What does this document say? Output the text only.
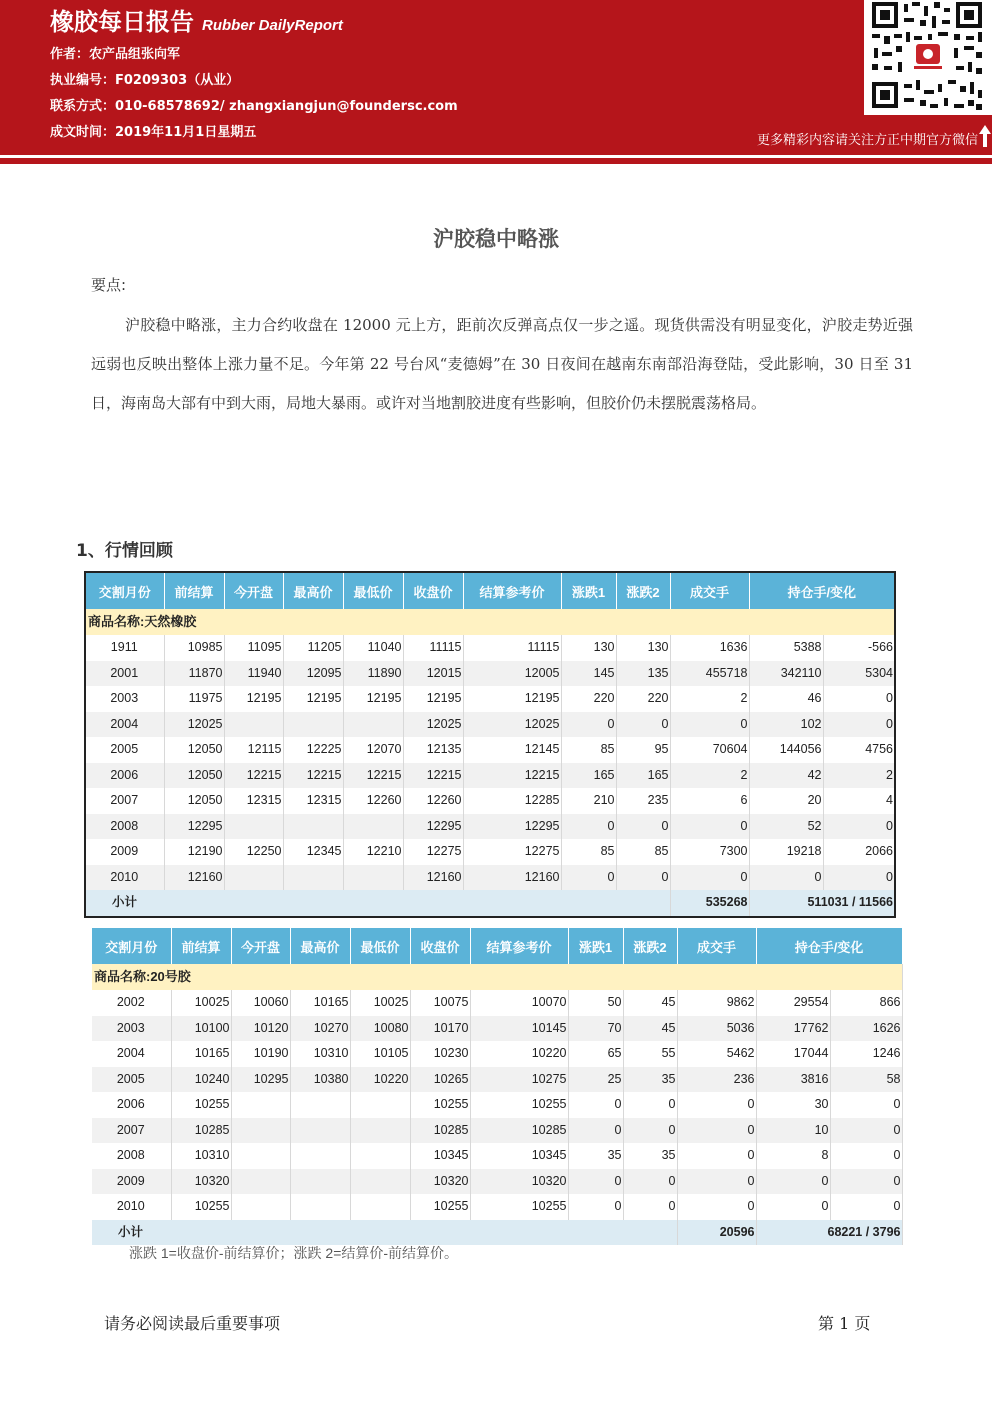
橡胶每日报告 Rubber DailyReport
作者：农产品组张向军
执业编号：F0209303（从业）
联系方式：010-68578692/ zhangxiangjun@foundersc.com
成文时间：2019年11月1日星期五
更多精彩内容请关注方正中期官方微信
沪胶稳中略涨
要点:
沪胶稳中略涨，主力合约收盘在 12000 元上方，距前次反弹高点仅一步之遥。现货供需没有明显变化，沪胶走势近强远弱也反映出整体上涨力量不足。今年第 22 号台风“麦德姆”在 30 日夜间在越南东南部沿海登陆，受此影响，30 日至 31 日，海南岛大部有中到大雨，局地大暴雨。或许对当地割胶进度有些影响，但胶价仍未摆脱震荡格局。
1、行情回顾
交割月份	前结算	今开盘	最高价	最低价	收盘价	结算参考价	涨跌1	涨跌2	成交手	持仓手/变化	
商品名称:天然橡胶											
1911	10985	11095	11205	11040	11115	11115	130	130	1636	5388	-566
2001	11870	11940	12095	11890	12015	12005	145	135	455718	342110	5304
2003	11975	12195	12195	12195	12195	12195	220	220	2	46	0
2004	12025				12025	12025	0	0	0	102	0
2005	12050	12115	12225	12070	12135	12145	85	95	70604	144056	4756
2006	12050	12215	12215	12215	12215	12215	165	165	2	42	2
2007	12050	12315	12315	12260	12260	12285	210	235	6	20	4
2008	12295				12295	12295	0	0	0	52	0
2009	12190	12250	12345	12210	12275	12275	85	85	7300	19218	2066
2010	12160				12160	12160	0	0	0	0	0
小计									535268	511031 / 11566	
交割月份	前结算	今开盘	最高价	最低价	收盘价	结算参考价	涨跌1	涨跌2	成交手	持仓手/变化	
商品名称:20号胶											
2002	10025	10060	10165	10025	10075	10070	50	45	9862	29554	866
2003	10100	10120	10270	10080	10170	10145	70	45	5036	17762	1626
2004	10165	10190	10310	10105	10230	10220	65	55	5462	17044	1246
2005	10240	10295	10380	10220	10265	10275	25	35	236	3816	58
2006	10255				10255	10255	0	0	0	30	0
2007	10285				10285	10285	0	0	0	10	0
2008	10310				10345	10345	35	35	0	8	0
2009	10320				10320	10320	0	0	0	0	0
2010	10255				10255	10255	0	0	0	0	0
小计									20596	68221 / 3796	
涨跌 1=收盘价-前结算价；涨跌 2=结算价-前结算价。
请务必阅读最后重要事项	第 1 页
